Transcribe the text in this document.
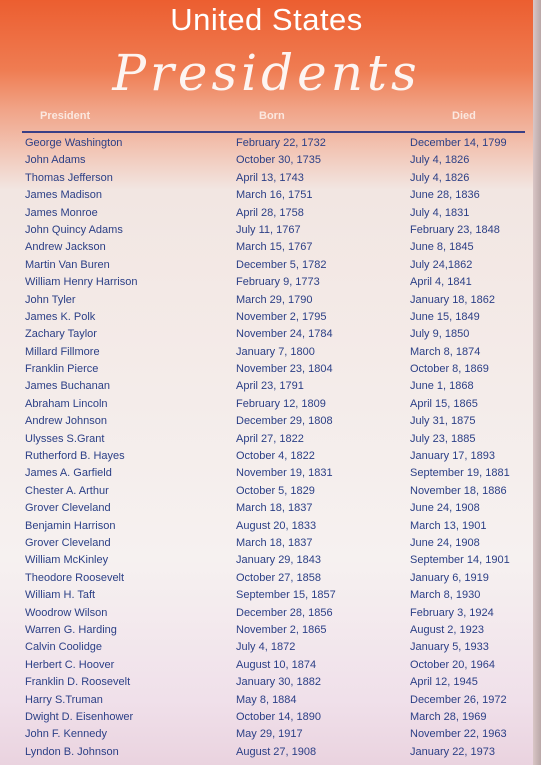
United States
Presidents
President	Born	Died
George Washington	February 22, 1732	December 14, 1799
John Adams	October 30, 1735	July 4, 1826
Thomas Jefferson	April 13, 1743	July 4, 1826
James Madison	March 16, 1751	June 28, 1836
James Monroe	April 28, 1758	July 4, 1831
John Quincy Adams	July 11, 1767	February 23, 1848
Andrew Jackson	March 15, 1767	June 8, 1845
Martin Van Buren	December 5, 1782	July 24,1862
William Henry Harrison	February 9, 1773	April 4, 1841
John Tyler	March 29, 1790	January 18, 1862
James K. Polk	November 2, 1795	June 15, 1849
Zachary Taylor	November 24, 1784	July 9, 1850
Millard Fillmore	January 7, 1800	March 8, 1874
Franklin Pierce	November 23, 1804	October 8, 1869
James Buchanan	April 23, 1791	June 1, 1868
Abraham Lincoln	February 12, 1809	April 15, 1865
Andrew Johnson	December 29, 1808	July 31, 1875
Ulysses S.Grant	April 27, 1822	July 23, 1885
Rutherford B. Hayes	October 4, 1822	January 17, 1893
James A. Garfield	November 19, 1831	September 19, 1881
Chester A. Arthur	October 5, 1829	November 18, 1886
Grover Cleveland	March 18, 1837	June 24, 1908
Benjamin Harrison	August 20, 1833	March 13, 1901
Grover Cleveland	March 18, 1837	June 24, 1908
William McKinley	January 29, 1843	September 14, 1901
Theodore Roosevelt	October 27, 1858	January 6, 1919
William H. Taft	September 15, 1857	March 8, 1930
Woodrow Wilson	December 28, 1856	February 3, 1924
Warren G. Harding	November 2, 1865	August 2, 1923
Calvin Coolidge	July 4, 1872	January 5, 1933
Herbert C. Hoover	August 10, 1874	October 20, 1964
Franklin D. Roosevelt	January 30, 1882	April 12, 1945
Harry S.Truman	May 8, 1884	December 26, 1972
Dwight D. Eisenhower	October 14, 1890	March 28, 1969
John F. Kennedy	May 29, 1917	November 22, 1963
Lyndon B. Johnson	August 27, 1908	January 22, 1973
